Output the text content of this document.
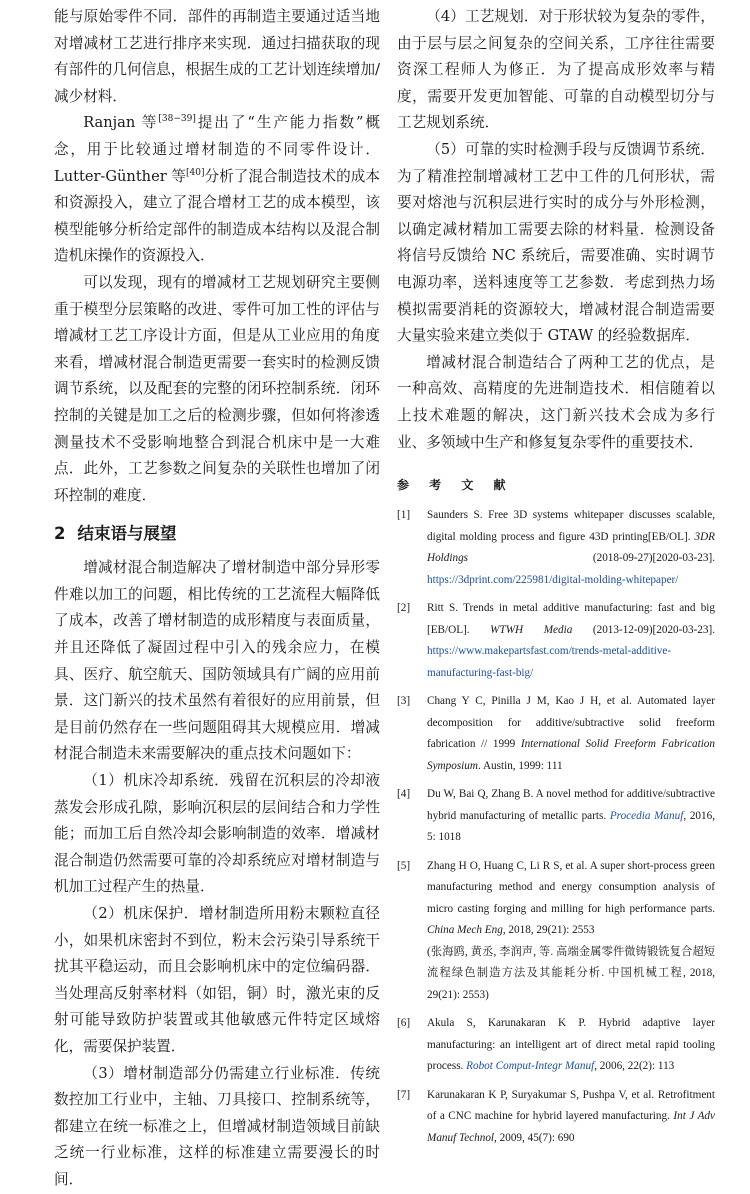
能与原始零件不同．部件的再制造主要通过适当地对增减材工艺进行排序来实现．通过扫描获取的现有部件的几何信息，根据生成的工艺计划连续增加/减少材料．

Ranjan 等[38−39]提出了“生产能力指数”概念，用于比较通过增材制造的不同零件设计．Lutter-Günther 等[40]分析了混合制造技术的成本和资源投入，建立了混合增材工艺的成本模型，该模型能够分析给定部件的制造成本结构以及混合制造机床操作的资源投入．

可以发现，现有的增减材工艺规划研究主要侧重于模型分层策略的改进、零件可加工性的评估与增减材工艺工序设计方面，但是从工业应用的角度来看，增减材混合制造更需要一套实时的检测反馈调节系统，以及配套的完整的闭环控制系统．闭环控制的关键是加工之后的检测步骤，但如何将渗透测量技术不受影响地整合到混合机床中是一大难点．此外，工艺参数之间复杂的关联性也增加了闭环控制的难度．

2 结束语与展望

增减材混合制造解决了增材制造中部分异形零件难以加工的问题，相比传统的工艺流程大幅降低了成本，改善了增材制造的成形精度与表面质量，并且还降低了凝固过程中引入的残余应力，在模具、医疗、航空航天、国防领域具有广阔的应用前景．这门新兴的技术虽然有着很好的应用前景，但是目前仍然存在一些问题阻碍其大规模应用．增减材混合制造未来需要解决的重点技术问题如下：

（1）机床冷却系统．残留在沉积层的冷却液蒸发会形成孔隙，影响沉积层的层间结合和力学性能；而加工后自然冷却会影响制造的效率．增减材混合制造仍然需要可靠的冷却系统应对增材制造与机加工过程产生的热量．

（2）机床保护．增材制造所用粉末颗粒直径小，如果机床密封不到位，粉末会污染引导系统干扰其平稳运动，而且会影响机床中的定位编码器．当处理高反射率材料（如铝，铜）时，激光束的反射可能导致防护装置或其他敏感元件特定区域熔化，需要保护装置．

（3）增材制造部分仍需建立行业标准．传统数控加工行业中，主轴、刀具接口、控制系统等，都建立在统一标准之上，但增减材制造领域目前缺乏统一行业标准，这样的标准建立需要漫长的时间．

（4）工艺规划．对于形状较为复杂的零件，由于层与层之间复杂的空间关系，工序往往需要资深工程师人为修正．为了提高成形效率与精度，需要开发更加智能、可靠的自动模型切分与工艺规划系统．

（5）可靠的实时检测手段与反馈调节系统．为了精准控制增减材工艺中工件的几何形状，需要对熔池与沉积层进行实时的成分与外形检测，以确定减材精加工需要去除的材料量．检测设备将信号反馈给 NC 系统后，需要准确、实时调节电源功率，送料速度等工艺参数．考虑到热力场模拟需要消耗的资源较大，增减材混合制造需要大量实验来建立类似于 GTAW 的经验数据库．

增减材混合制造结合了两种工艺的优点，是一种高效、高精度的先进制造技术．相信随着以上技术难题的解决，这门新兴技术会成为多行业、多领域中生产和修复复杂零件的重要技术．

参 考 文 献
[1] Saunders S. Free 3D systems whitepaper discusses scalable, digital molding process and figure 43D printing[EB/OL]. 3DR Holdings (2018-09-27)[2020-03-23]. https://3dprint.com/225981/digital-molding-whitepaper/
[2] Ritt S. Trends in metal additive manufacturing: fast and big [EB/OL]. WTWH Media (2013-12-09)[2020-03-23]. https://www.makepartsfast.com/trends-metal-additive-manufacturing-fast-big/
[3] Chang Y C, Pinilla J M, Kao J H, et al. Automated layer decomposition for additive/subtractive solid freeform fabrication // 1999 International Solid Freeform Fabrication Symposium. Austin, 1999: 111
[4] Du W, Bai Q, Zhang B. A novel method for additive/subtractive hybrid manufacturing of metallic parts. Procedia Manuf, 2016, 5: 1018
[5] Zhang H O, Huang C, Li R S, et al. A super short-process green manufacturing method and energy consumption analysis of micro casting forging and milling for high performance parts. China Mech Eng, 2018, 29(21): 2553
(张海鸥, 黄丞, 李润声, 等. 高端金属零件微铸锻铣复合超短流程绿色制造方法及其能耗分析. 中国机械工程, 2018, 29(21): 2553)
[6] Akula S, Karunakaran K P. Hybrid adaptive layer manufacturing: an intelligent art of direct metal rapid tooling process. Robot Comput-Integr Manuf, 2006, 22(2): 113
[7] Karunakaran K P, Suryakumar S, Pushpa V, et al. Retrofitment of a CNC machine for hybrid layered manufacturing. Int J Adv Manuf Technol, 2009, 45(7): 690
